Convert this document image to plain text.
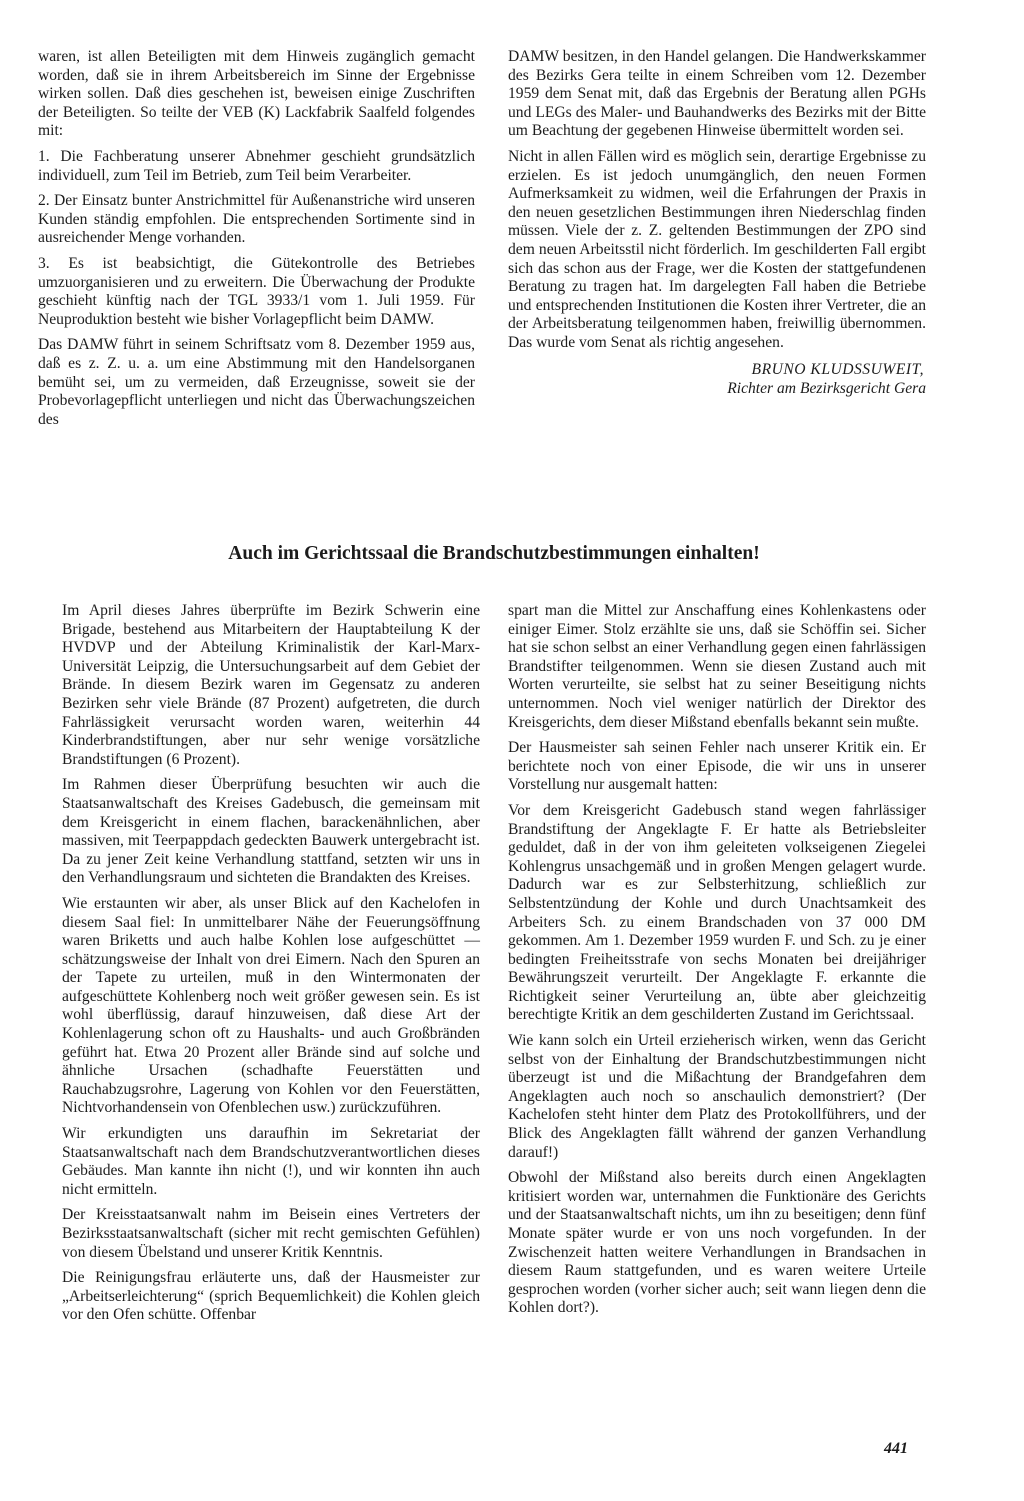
waren, ist allen Beteiligten mit dem Hinweis zugänglich gemacht worden, daß sie in ihrem Arbeitsbereich im Sinne der Ergebnisse wirken sollen. Daß dies geschehen ist, beweisen einige Zuschriften der Beteiligten. So teilte der VEB (K) Lackfabrik Saalfeld folgendes mit:

1. Die Fachberatung unserer Abnehmer geschieht grundsätzlich individuell, zum Teil im Betrieb, zum Teil beim Verarbeiter.

2. Der Einsatz bunter Anstrichmittel für Außenanstriche wird unseren Kunden ständig empfohlen. Die entsprechenden Sortimente sind in ausreichender Menge vorhanden.

3. Es ist beabsichtigt, die Gütekontrolle des Betriebes umzuorganisieren und zu erweitern. Die Überwachung der Produkte geschieht künftig nach der TGL 3933/1 vom 1. Juli 1959. Für Neuproduktion besteht wie bisher Vorlagepflicht beim DAMW.

Das DAMW führt in seinem Schriftsatz vom 8. Dezember 1959 aus, daß es z. Z. u. a. um eine Abstimmung mit den Handelsorganen bemüht sei, um zu vermeiden, daß Erzeugnisse, soweit sie der Probevorlagepflicht unterliegen und nicht das Überwachungszeichen des

DAMW besitzen, in den Handel gelangen. Die Handwerkskammer des Bezirks Gera teilte in einem Schreiben vom 12. Dezember 1959 dem Senat mit, daß das Ergebnis der Beratung allen PGHs und LEGs des Maler- und Bauhandwerks des Bezirks mit der Bitte um Beachtung der gegebenen Hinweise übermittelt worden sei.

Nicht in allen Fällen wird es möglich sein, derartige Ergebnisse zu erzielen. Es ist jedoch unumgänglich, den neuen Formen Aufmerksamkeit zu widmen, weil die Erfahrungen der Praxis in den neuen gesetzlichen Bestimmungen ihren Niederschlag finden müssen. Viele der z. Z. geltenden Bestimmungen der ZPO sind dem neuen Arbeitsstil nicht förderlich. Im geschilderten Fall ergibt sich das schon aus der Frage, wer die Kosten der stattgefundenen Beratung zu tragen hat. Im dargelegten Fall haben die Betriebe und entsprechenden Institutionen die Kosten ihrer Vertreter, die an der Arbeitsberatung teilgenommen haben, freiwillig übernommen. Das wurde vom Senat als richtig angesehen.

BRUNO KLUDSSUWEIT,
Richter am Bezirksgericht Gera
Auch im Gerichtssaal die Brandschutzbestimmungen einhalten!

Im April dieses Jahres überprüfte im Bezirk Schwerin eine Brigade, bestehend aus Mitarbeitern der Hauptabteilung K der HVDVP und der Abteilung Kriminalistik der Karl-Marx-Universität Leipzig, die Untersuchungsarbeit auf dem Gebiet der Brände. In diesem Bezirk waren im Gegensatz zu anderen Bezirken sehr viele Brände (87 Prozent) aufgetreten, die durch Fahrlässigkeit verursacht worden waren, weiterhin 44 Kinderbrandstiftungen, aber nur sehr wenige vorsätzliche Brandstiftungen (6 Prozent).

Im Rahmen dieser Überprüfung besuchten wir auch die Staatsanwaltschaft des Kreises Gadebusch, die gemeinsam mit dem Kreisgericht in einem flachen, barackenähnlichen, aber massiven, mit Teerpappdach gedeckten Bauwerk untergebracht ist. Da zu jener Zeit keine Verhandlung stattfand, setzten wir uns in den Verhandlungsraum und sichteten die Brandakten des Kreises.

Wie erstaunten wir aber, als unser Blick auf den Kachelofen in diesem Saal fiel: In unmittelbarer Nähe der Feuerungsöffnung waren Briketts und auch halbe Kohlen lose aufgeschüttet — schätzungsweise der Inhalt von drei Eimern. Nach den Spuren an der Tapete zu urteilen, muß in den Wintermonaten der aufgeschüttete Kohlenberg noch weit größer gewesen sein. Es ist wohl überflüssig, darauf hinzuweisen, daß diese Art der Kohlenlagerung schon oft zu Haushalts- und auch Großbränden geführt hat. Etwa 20 Prozent aller Brände sind auf solche und ähnliche Ursachen (schadhafte Feuerstätten und Rauchabzugsrohre, Lagerung von Kohlen vor den Feuerstätten, Nichtvorhandensein von Ofenblechen usw.) zurückzuführen.

Wir erkundigten uns daraufhin im Sekretariat der Staatsanwaltschaft nach dem Brandschutzverantwortlichen dieses Gebäudes. Man kannte ihn nicht (!), und wir konnten ihn auch nicht ermitteln.

Der Kreisstaatsanwalt nahm im Beisein eines Vertreters der Bezirksstaatsanwaltschaft (sicher mit recht gemischten Gefühlen) von diesem Übelstand und unserer Kritik Kenntnis.

Die Reinigungsfrau erläuterte uns, daß der Hausmeister zur „Arbeitserleichterung“ (sprich Bequemlichkeit) die Kohlen gleich vor den Ofen schütte. Offenbar

spart man die Mittel zur Anschaffung eines Kohlenkastens oder einiger Eimer. Stolz erzählte sie uns, daß sie Schöffin sei. Sicher hat sie schon selbst an einer Verhandlung gegen einen fahrlässigen Brandstifter teilgenommen. Wenn sie diesen Zustand auch mit Worten verurteilte, sie selbst hat zu seiner Beseitigung nichts unternommen. Noch viel weniger natürlich der Direktor des Kreisgerichts, dem dieser Mißstand ebenfalls bekannt sein mußte.

Der Hausmeister sah seinen Fehler nach unserer Kritik ein. Er berichtete noch von einer Episode, die wir uns in unserer Vorstellung nur ausgemalt hatten:

Vor dem Kreisgericht Gadebusch stand wegen fahrlässiger Brandstiftung der Angeklagte F. Er hatte als Betriebsleiter geduldet, daß in der von ihm geleiteten volkseigenen Ziegelei Kohlengrus unsachgemäß und in großen Mengen gelagert wurde. Dadurch war es zur Selbsterhitzung, schließlich zur Selbstentzündung der Kohle und durch Unachtsamkeit des Arbeiters Sch. zu einem Brandschaden von 37 000 DM gekommen. Am 1. Dezember 1959 wurden F. und Sch. zu je einer bedingten Freiheitsstrafe von sechs Monaten bei dreijähriger Bewährungszeit verurteilt. Der Angeklagte F. erkannte die Richtigkeit seiner Verurteilung an, übte aber gleichzeitig berechtigte Kritik an dem geschilderten Zustand im Gerichtssaal.

Wie kann solch ein Urteil erzieherisch wirken, wenn das Gericht selbst von der Einhaltung der Brandschutzbestimmungen nicht überzeugt ist und die Mißachtung der Brandgefahren dem Angeklagten auch noch so anschaulich demonstriert? (Der Kachelofen steht hinter dem Platz des Protokollführers, und der Blick des Angeklagten fällt während der ganzen Verhandlung darauf!)

Obwohl der Mißstand also bereits durch einen Angeklagten kritisiert worden war, unternahmen die Funktionäre des Gerichts und der Staatsanwaltschaft nichts, um ihn zu beseitigen; denn fünf Monate später wurde er von uns noch vorgefunden. In der Zwischenzeit hatten weitere Verhandlungen in Brandsachen in diesem Raum stattgefunden, und es waren weitere Urteile gesprochen worden (vorher sicher auch; seit wann liegen denn die Kohlen dort?).

441
